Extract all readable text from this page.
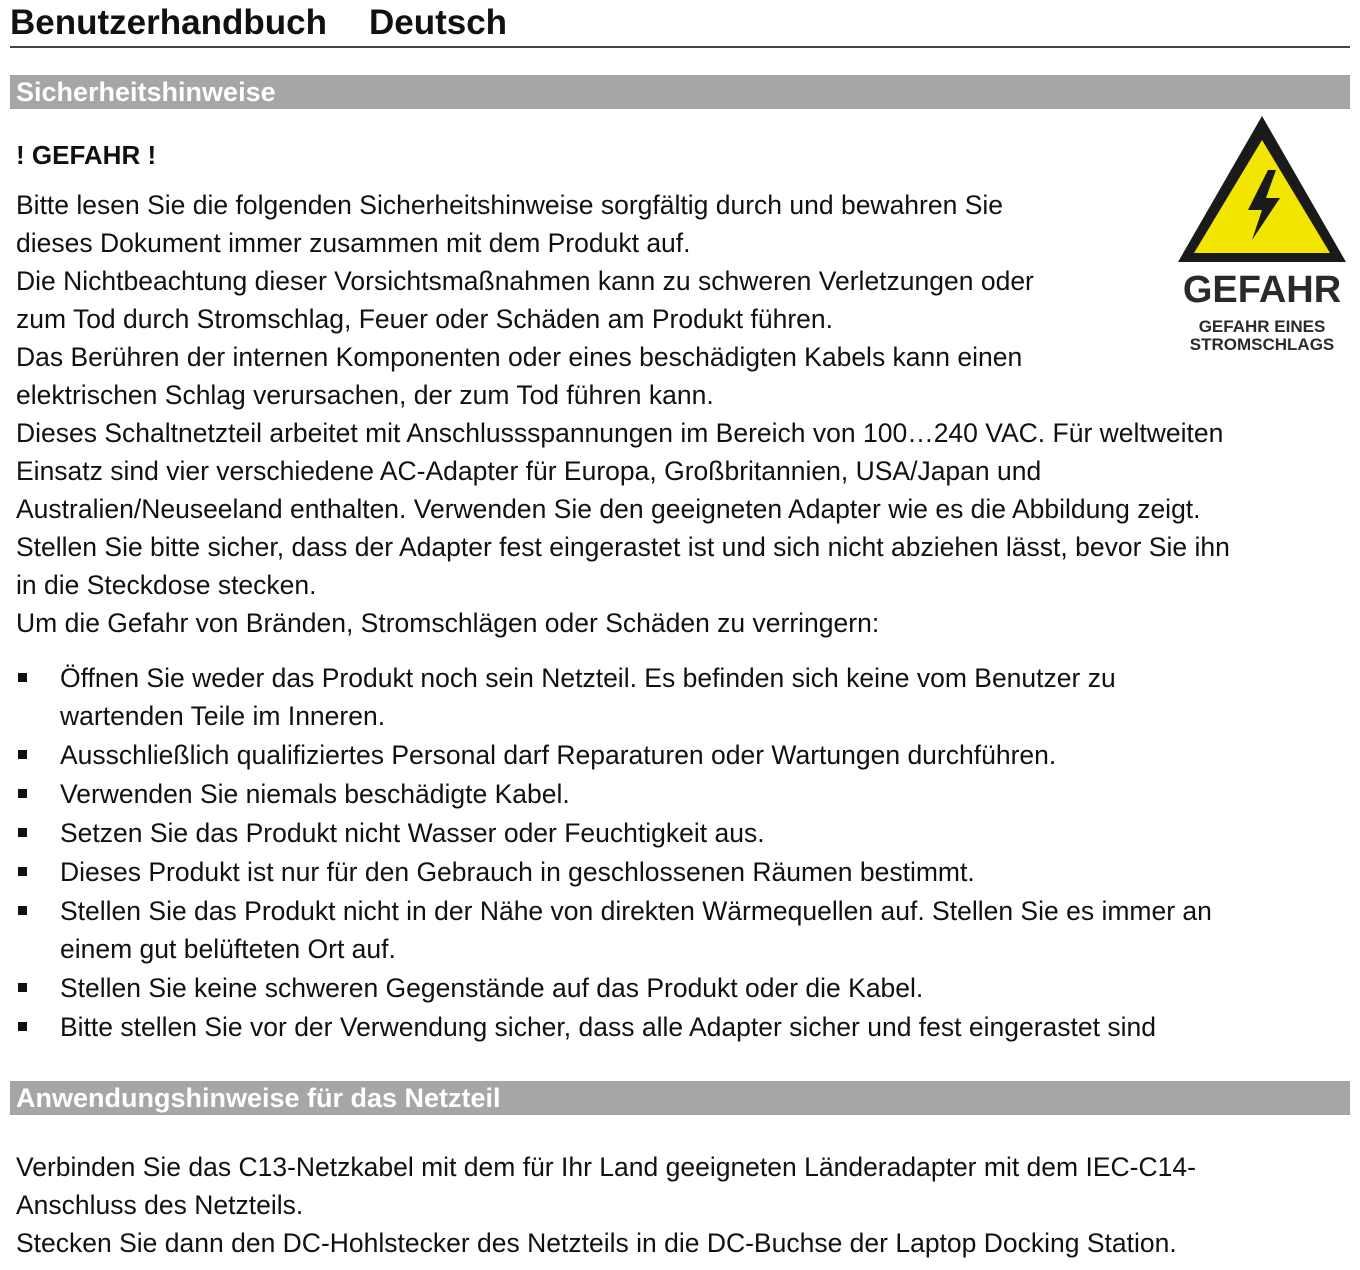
Benutzerhandbuch Deutsch
Sicherheitshinweise
! GEFAHR !
Bitte lesen Sie die folgenden Sicherheitshinweise sorgfältig durch und bewahren Sie
dieses Dokument immer zusammen mit dem Produkt auf.
Die Nichtbeachtung dieser Vorsichtsmaßnahmen kann zu schweren Verletzungen oder
zum Tod durch Stromschlag, Feuer oder Schäden am Produkt führen.
Das Berühren der internen Komponenten oder eines beschädigten Kabels kann einen
elektrischen Schlag verursachen, der zum Tod führen kann.
Dieses Schaltnetzteil arbeitet mit Anschlussspannungen im Bereich von 100…240 VAC. Für weltweiten
Einsatz sind vier verschiedene AC-Adapter für Europa, Großbritannien, USA/Japan und
Australien/Neuseeland enthalten. Verwenden Sie den geeigneten Adapter wie es die Abbildung zeigt.
Stellen Sie bitte sicher, dass der Adapter fest eingerastet ist und sich nicht abziehen lässt, bevor Sie ihn
in die Steckdose stecken.
Um die Gefahr von Bränden, Stromschlägen oder Schäden zu verringern:
Öffnen Sie weder das Produkt noch sein Netzteil. Es befinden sich keine vom Benutzer zu
wartenden Teile im Inneren.
Ausschließlich qualifiziertes Personal darf Reparaturen oder Wartungen durchführen.
Verwenden Sie niemals beschädigte Kabel.
Setzen Sie das Produkt nicht Wasser oder Feuchtigkeit aus.
Dieses Produkt ist nur für den Gebrauch in geschlossenen Räumen bestimmt.
Stellen Sie das Produkt nicht in der Nähe von direkten Wärmequellen auf. Stellen Sie es immer an
einem gut belüfteten Ort auf.
Stellen Sie keine schweren Gegenstände auf das Produkt oder die Kabel.
Bitte stellen Sie vor der Verwendung sicher, dass alle Adapter sicher und fest eingerastet sind
GEFAHR
GEFAHR EINES
STROMSCHLAGS
Anwendungshinweise für das Netzteil
Verbinden Sie das C13-Netzkabel mit dem für Ihr Land geeigneten Länderadapter mit dem IEC-C14-
Anschluss des Netzteils.
Stecken Sie dann den DC-Hohlstecker des Netzteils in die DC-Buchse der Laptop Docking Station.
